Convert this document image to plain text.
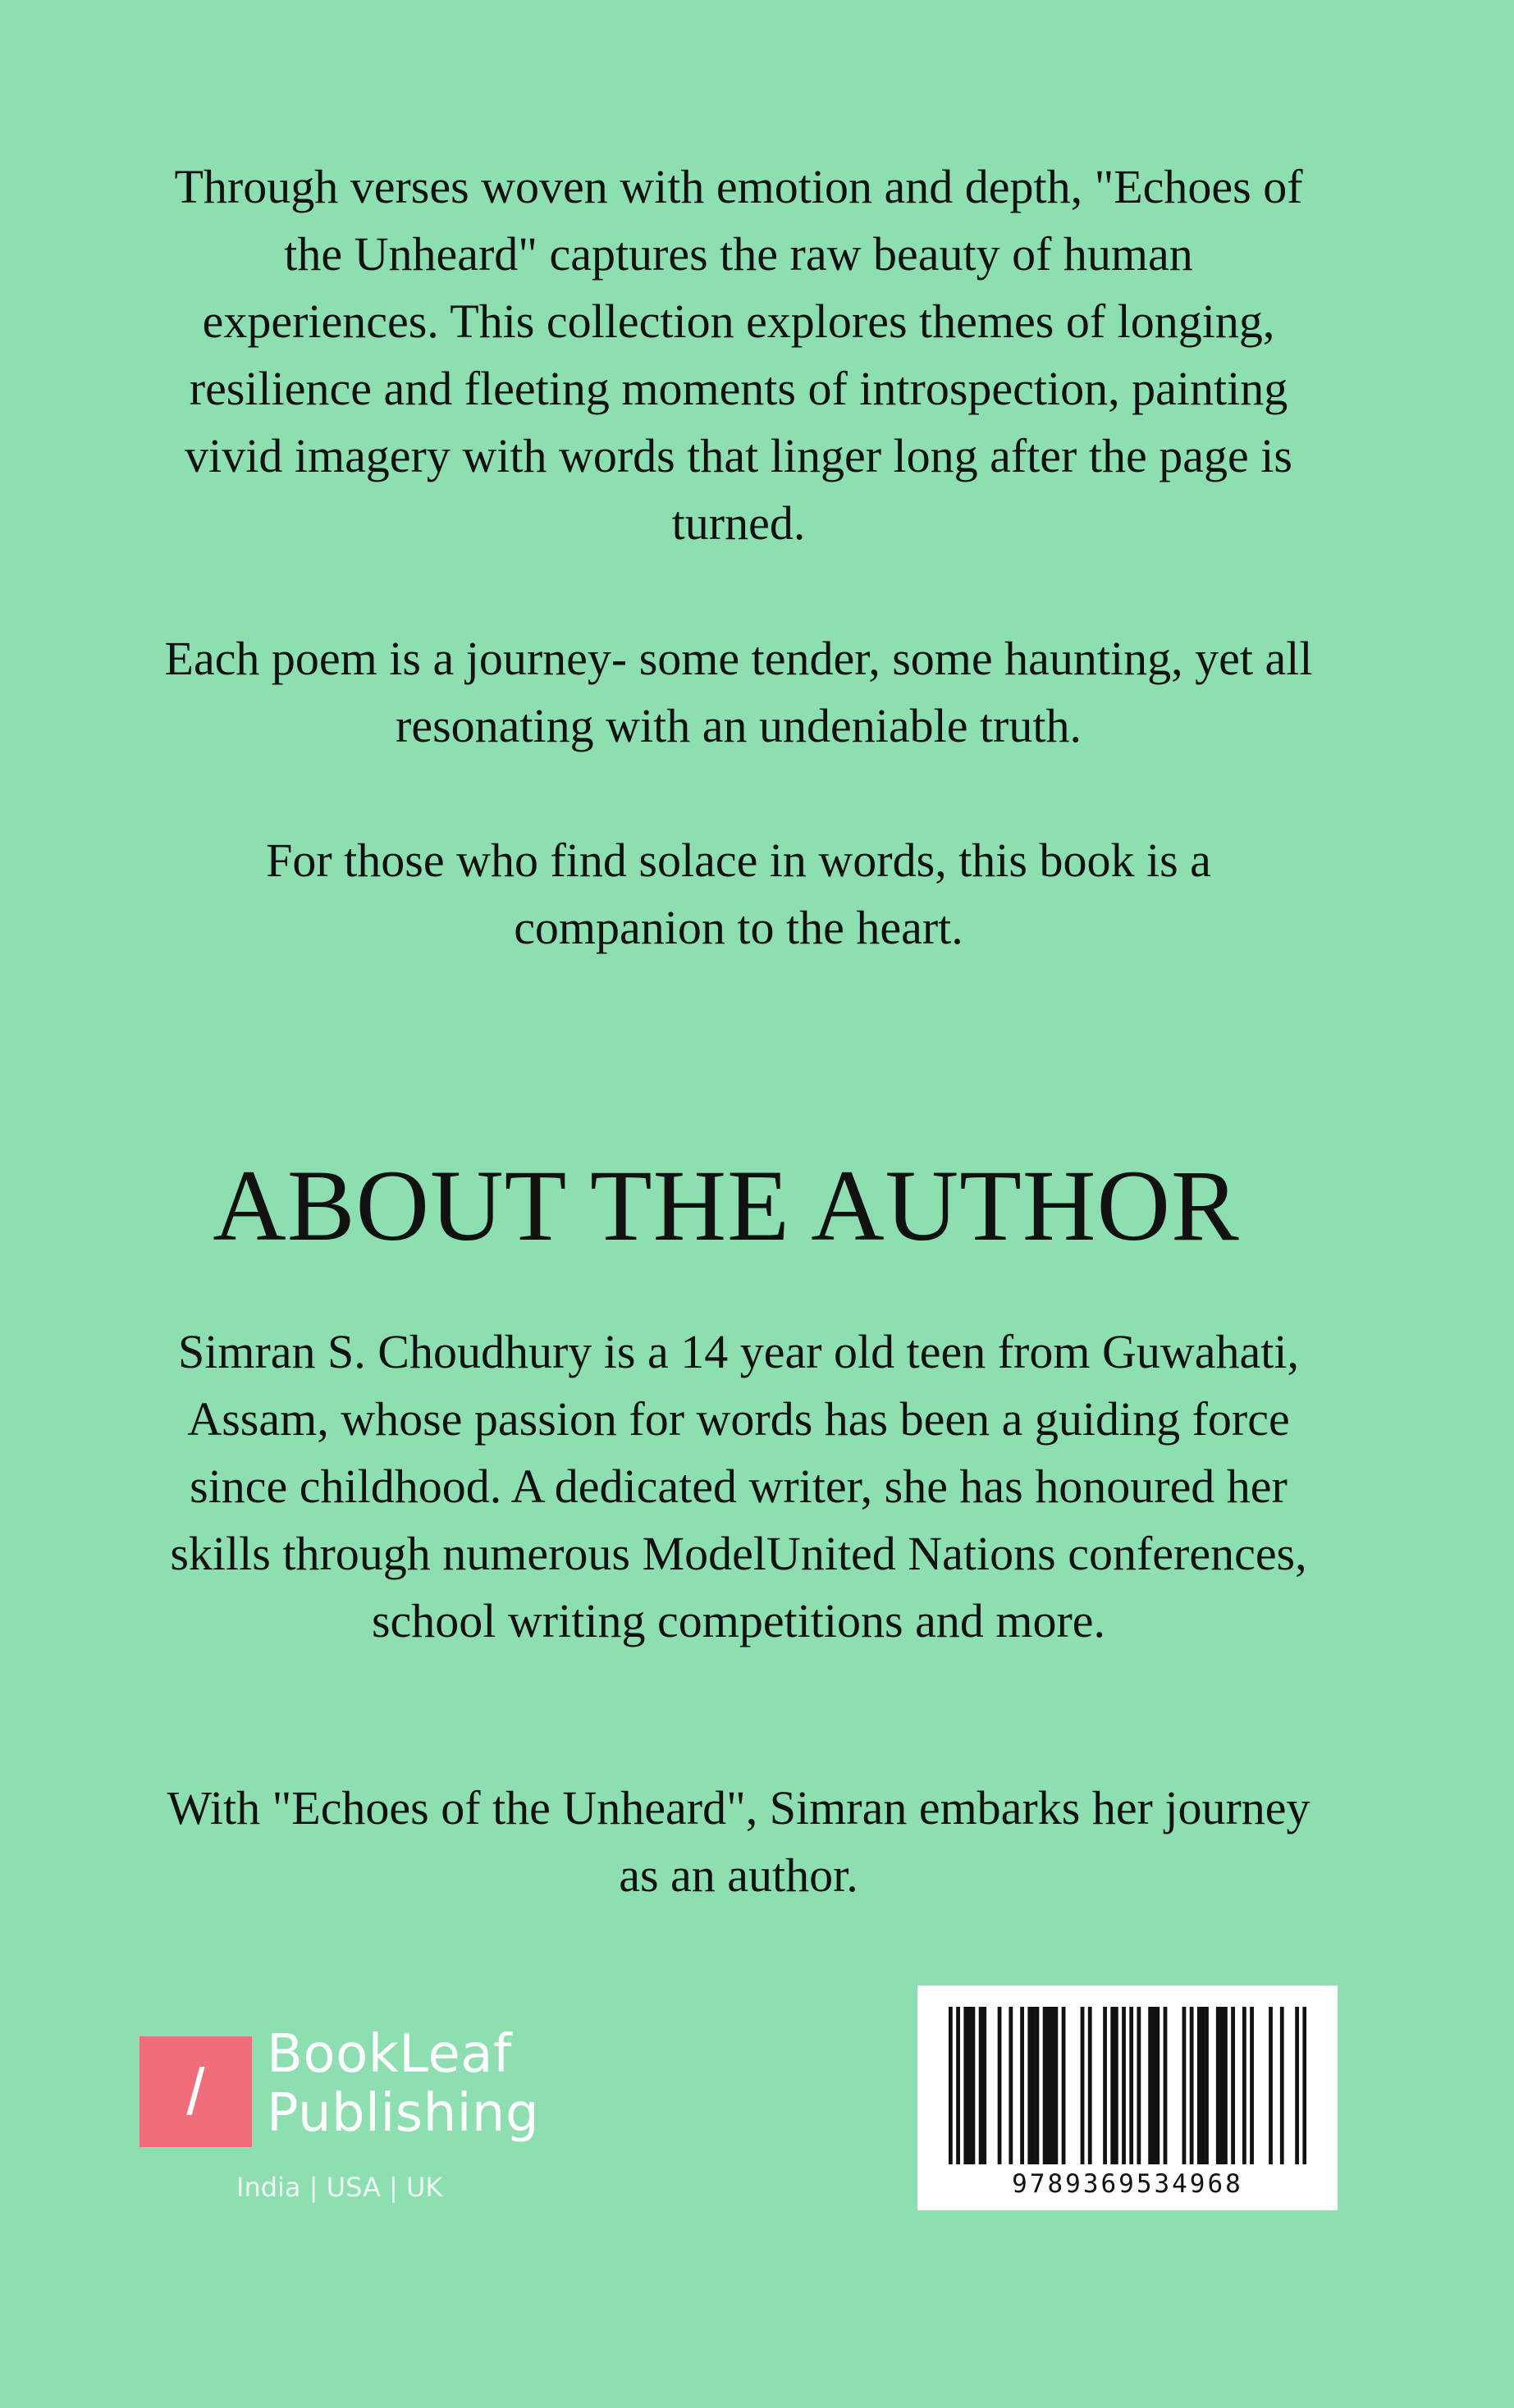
Through verses woven with emotion and depth, "Echoes of the Unheard" captures the raw beauty of human experiences. This collection explores themes of longing, resilience and fleeting moments of introspection, painting vivid imagery with words that linger long after the page is turned.

Each poem is a journey- some tender, some haunting, yet all resonating with an undeniable truth.

For those who find solace in words, this book is a companion to the heart.

ABOUT THE AUTHOR

Simran S. Choudhury is a 14 year old teen from Guwahati, Assam, whose passion for words has been a guiding force since childhood. A dedicated writer, she has honoured her skills through numerous ModelUnited Nations conferences, school writing competitions and more.

With "Echoes of the Unheard", Simran embarks her journey as an author.

/
BookLeaf
Publishing
India | USA | UK	9789369534968
